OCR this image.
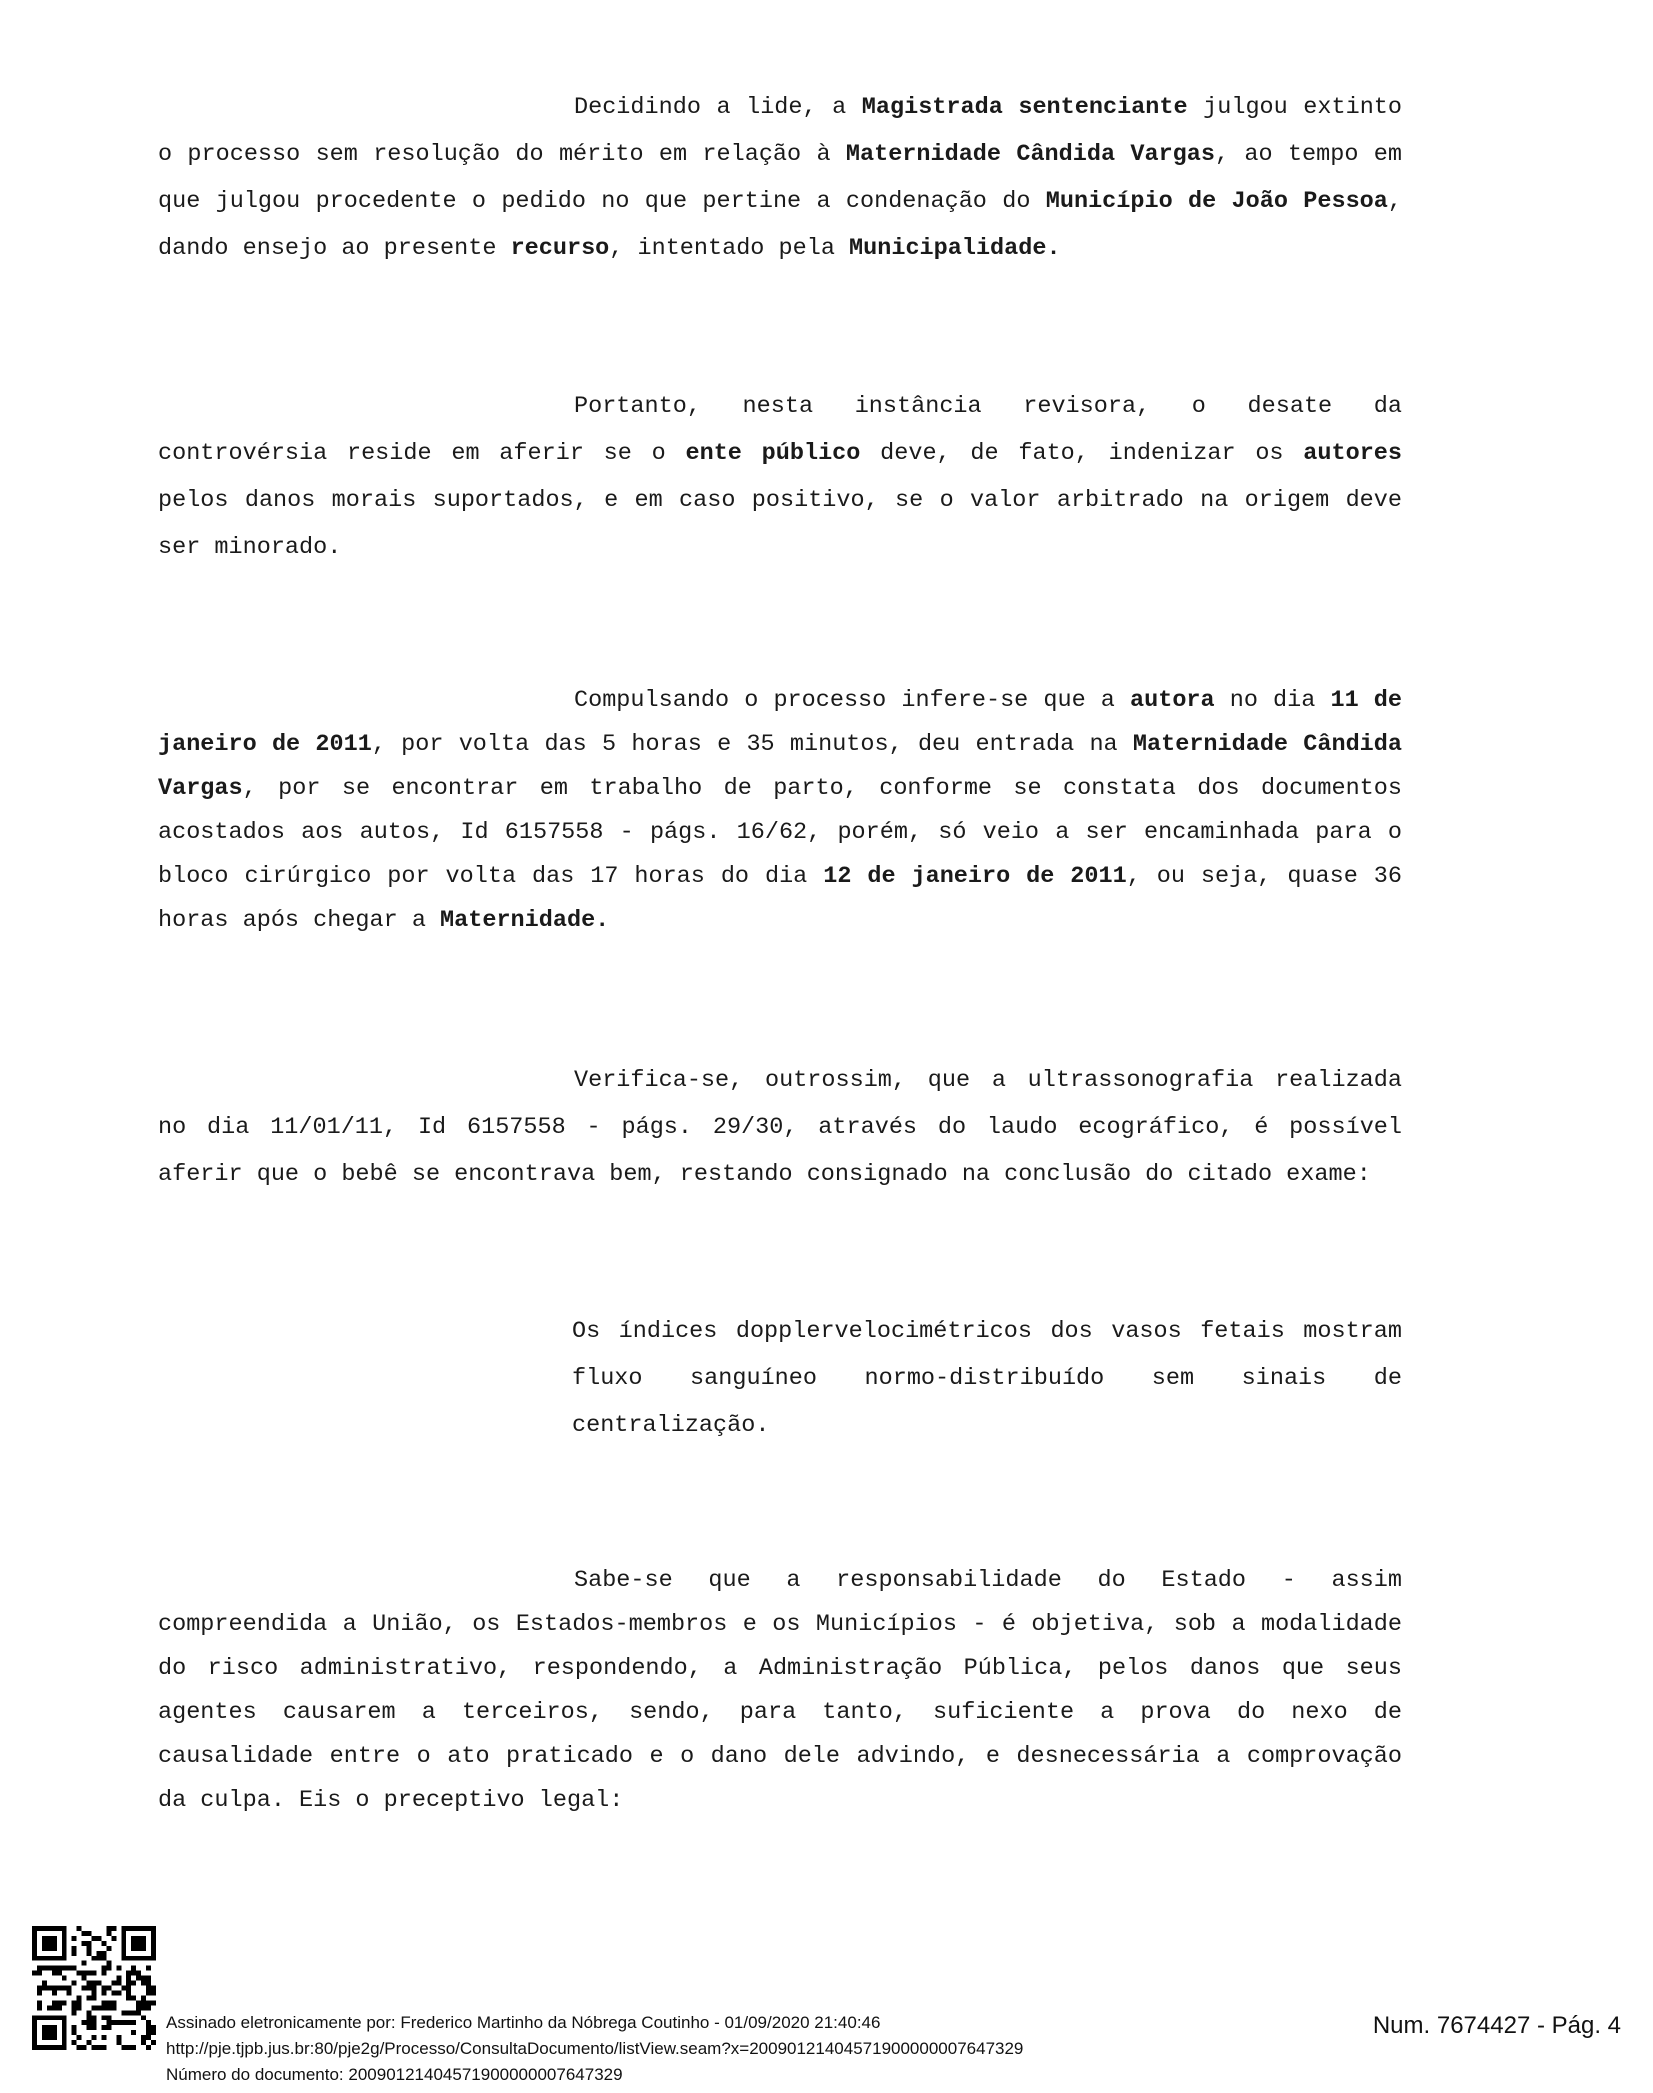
Decidindo a lide, a Magistrada sentenciante julgou extinto o processo sem resolução do mérito em relação à Maternidade Cândida Vargas, ao tempo em que julgou procedente o pedido no que pertine a condenação do Município de João Pessoa, dando ensejo ao presente recurso, intentado pela Municipalidade.

Portanto, nesta instância revisora, o desate da controvérsia reside em aferir se o ente público deve, de fato, indenizar os autores pelos danos morais suportados, e em caso positivo, se o valor arbitrado na origem deve ser minorado.

Compulsando o processo infere-se que a autora no dia 11 de janeiro de 2011, por volta das 5 horas e 35 minutos, deu entrada na Maternidade Cândida Vargas, por se encontrar em trabalho de parto, conforme se constata dos documentos acostados aos autos, Id 6157558 - págs. 16/62, porém, só veio a ser encaminhada para o bloco cirúrgico por volta das 17 horas do dia 12 de janeiro de 2011, ou seja, quase 36 horas após chegar a Maternidade.

Verifica-se, outrossim, que a ultrassonografia realizada no dia 11/01/11, Id 6157558 - págs. 29/30, através do laudo ecográfico, é possível aferir que o bebê se encontrava bem, restando consignado na conclusão do citado exame:

Os índices dopplervelocimétricos dos vasos fetais mostram fluxo sanguíneo normo-distribuído sem sinais de centralização.

Sabe-se que a responsabilidade do Estado - assim compreendida a União, os Estados-membros e os Municípios - é objetiva, sob a modalidade do risco administrativo, respondendo, a Administração Pública, pelos danos que seus agentes causarem a terceiros, sendo, para tanto, suficiente a prova do nexo de causalidade entre o ato praticado e o dano dele advindo, e desnecessária a comprovação da culpa. Eis o preceptivo legal:

Assinado eletronicamente por: Frederico Martinho da Nóbrega Coutinho - 01/09/2020 21:40:46
http://pje.tjpb.jus.br:80/pje2g/Processo/ConsultaDocumento/listView.seam?x=20090121404571900000007647329
Número do documento: 20090121404571900000007647329
Num. 7674427 - Pág. 4
